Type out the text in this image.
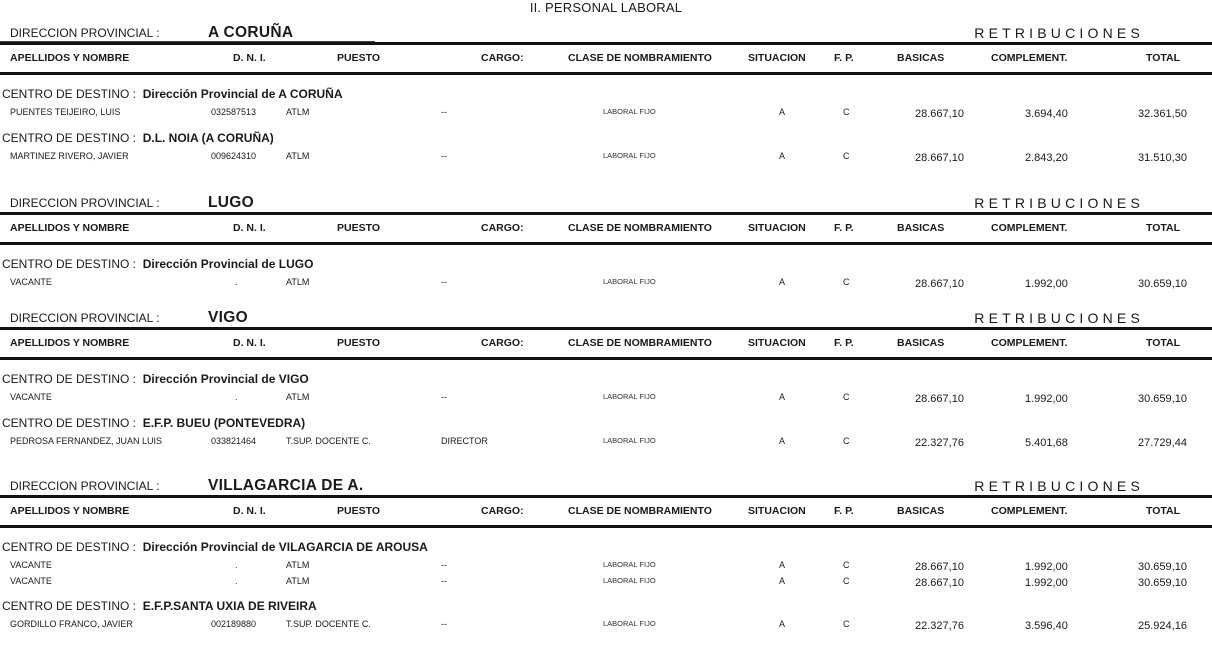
II. PERSONAL LABORAL
DIRECCION PROVINCIAL :	A CORUÑA	RETRIBUCIONES
APELLIDOS Y NOMBRE	D. N. I.	PUESTO	CARGO:	CLASE DE NOMBRAMIENTO	SITUACION	F. P.	BASICAS	COMPLEMENT.	TOTAL
CENTRO DE DESTINO : Dirección Provincial de A CORUÑA
PUENTES TEIJEIRO, LUIS	032587513	ATLM	--	LABORAL FIJO	A	C	28.667,10	3.694,40	32.361,50
CENTRO DE DESTINO : D.L. NOIA (A CORUÑA)
MARTINEZ RIVERO, JAVIER	009624310	ATLM	--	LABORAL FIJO	A	C	28.667,10	2.843,20	31.510,30
DIRECCION PROVINCIAL :	LUGO	RETRIBUCIONES
APELLIDOS Y NOMBRE	D. N. I.	PUESTO	CARGO:	CLASE DE NOMBRAMIENTO	SITUACION	F. P.	BASICAS	COMPLEMENT.	TOTAL
CENTRO DE DESTINO : Dirección Provincial de LUGO
VACANTE	.	ATLM	--	LABORAL FIJO	A	C	28.667,10	1.992,00	30.659,10
DIRECCION PROVINCIAL :	VIGO	RETRIBUCIONES
APELLIDOS Y NOMBRE	D. N. I.	PUESTO	CARGO:	CLASE DE NOMBRAMIENTO	SITUACION	F. P.	BASICAS	COMPLEMENT.	TOTAL
CENTRO DE DESTINO : Dirección Provincial de VIGO
VACANTE	.	ATLM	--	LABORAL FIJO	A	C	28.667,10	1.992,00	30.659,10
CENTRO DE DESTINO : E.F.P. BUEU (PONTEVEDRA)
PEDROSA FERNANDEZ, JUAN LUIS	033821464	T.SUP. DOCENTE C.	DIRECTOR	LABORAL FIJO	A	C	22.327,76	5.401,68	27.729,44
DIRECCION PROVINCIAL :	VILLAGARCIA DE A.	RETRIBUCIONES
APELLIDOS Y NOMBRE	D. N. I.	PUESTO	CARGO:	CLASE DE NOMBRAMIENTO	SITUACION	F. P.	BASICAS	COMPLEMENT.	TOTAL
CENTRO DE DESTINO : Dirección Provincial de VILAGARCIA DE AROUSA
VACANTE	.	ATLM	--	LABORAL FIJO	A	C	28.667,10	1.992,00	30.659,10
VACANTE	.	ATLM	--	LABORAL FIJO	A	C	28.667,10	1.992,00	30.659,10
CENTRO DE DESTINO : E.F.P.SANTA UXIA DE RIVEIRA
GORDILLO FRANCO, JAVIER	002189880	T.SUP. DOCENTE C.	--	LABORAL FIJO	A	C	22.327,76	3.596,40	25.924,16
